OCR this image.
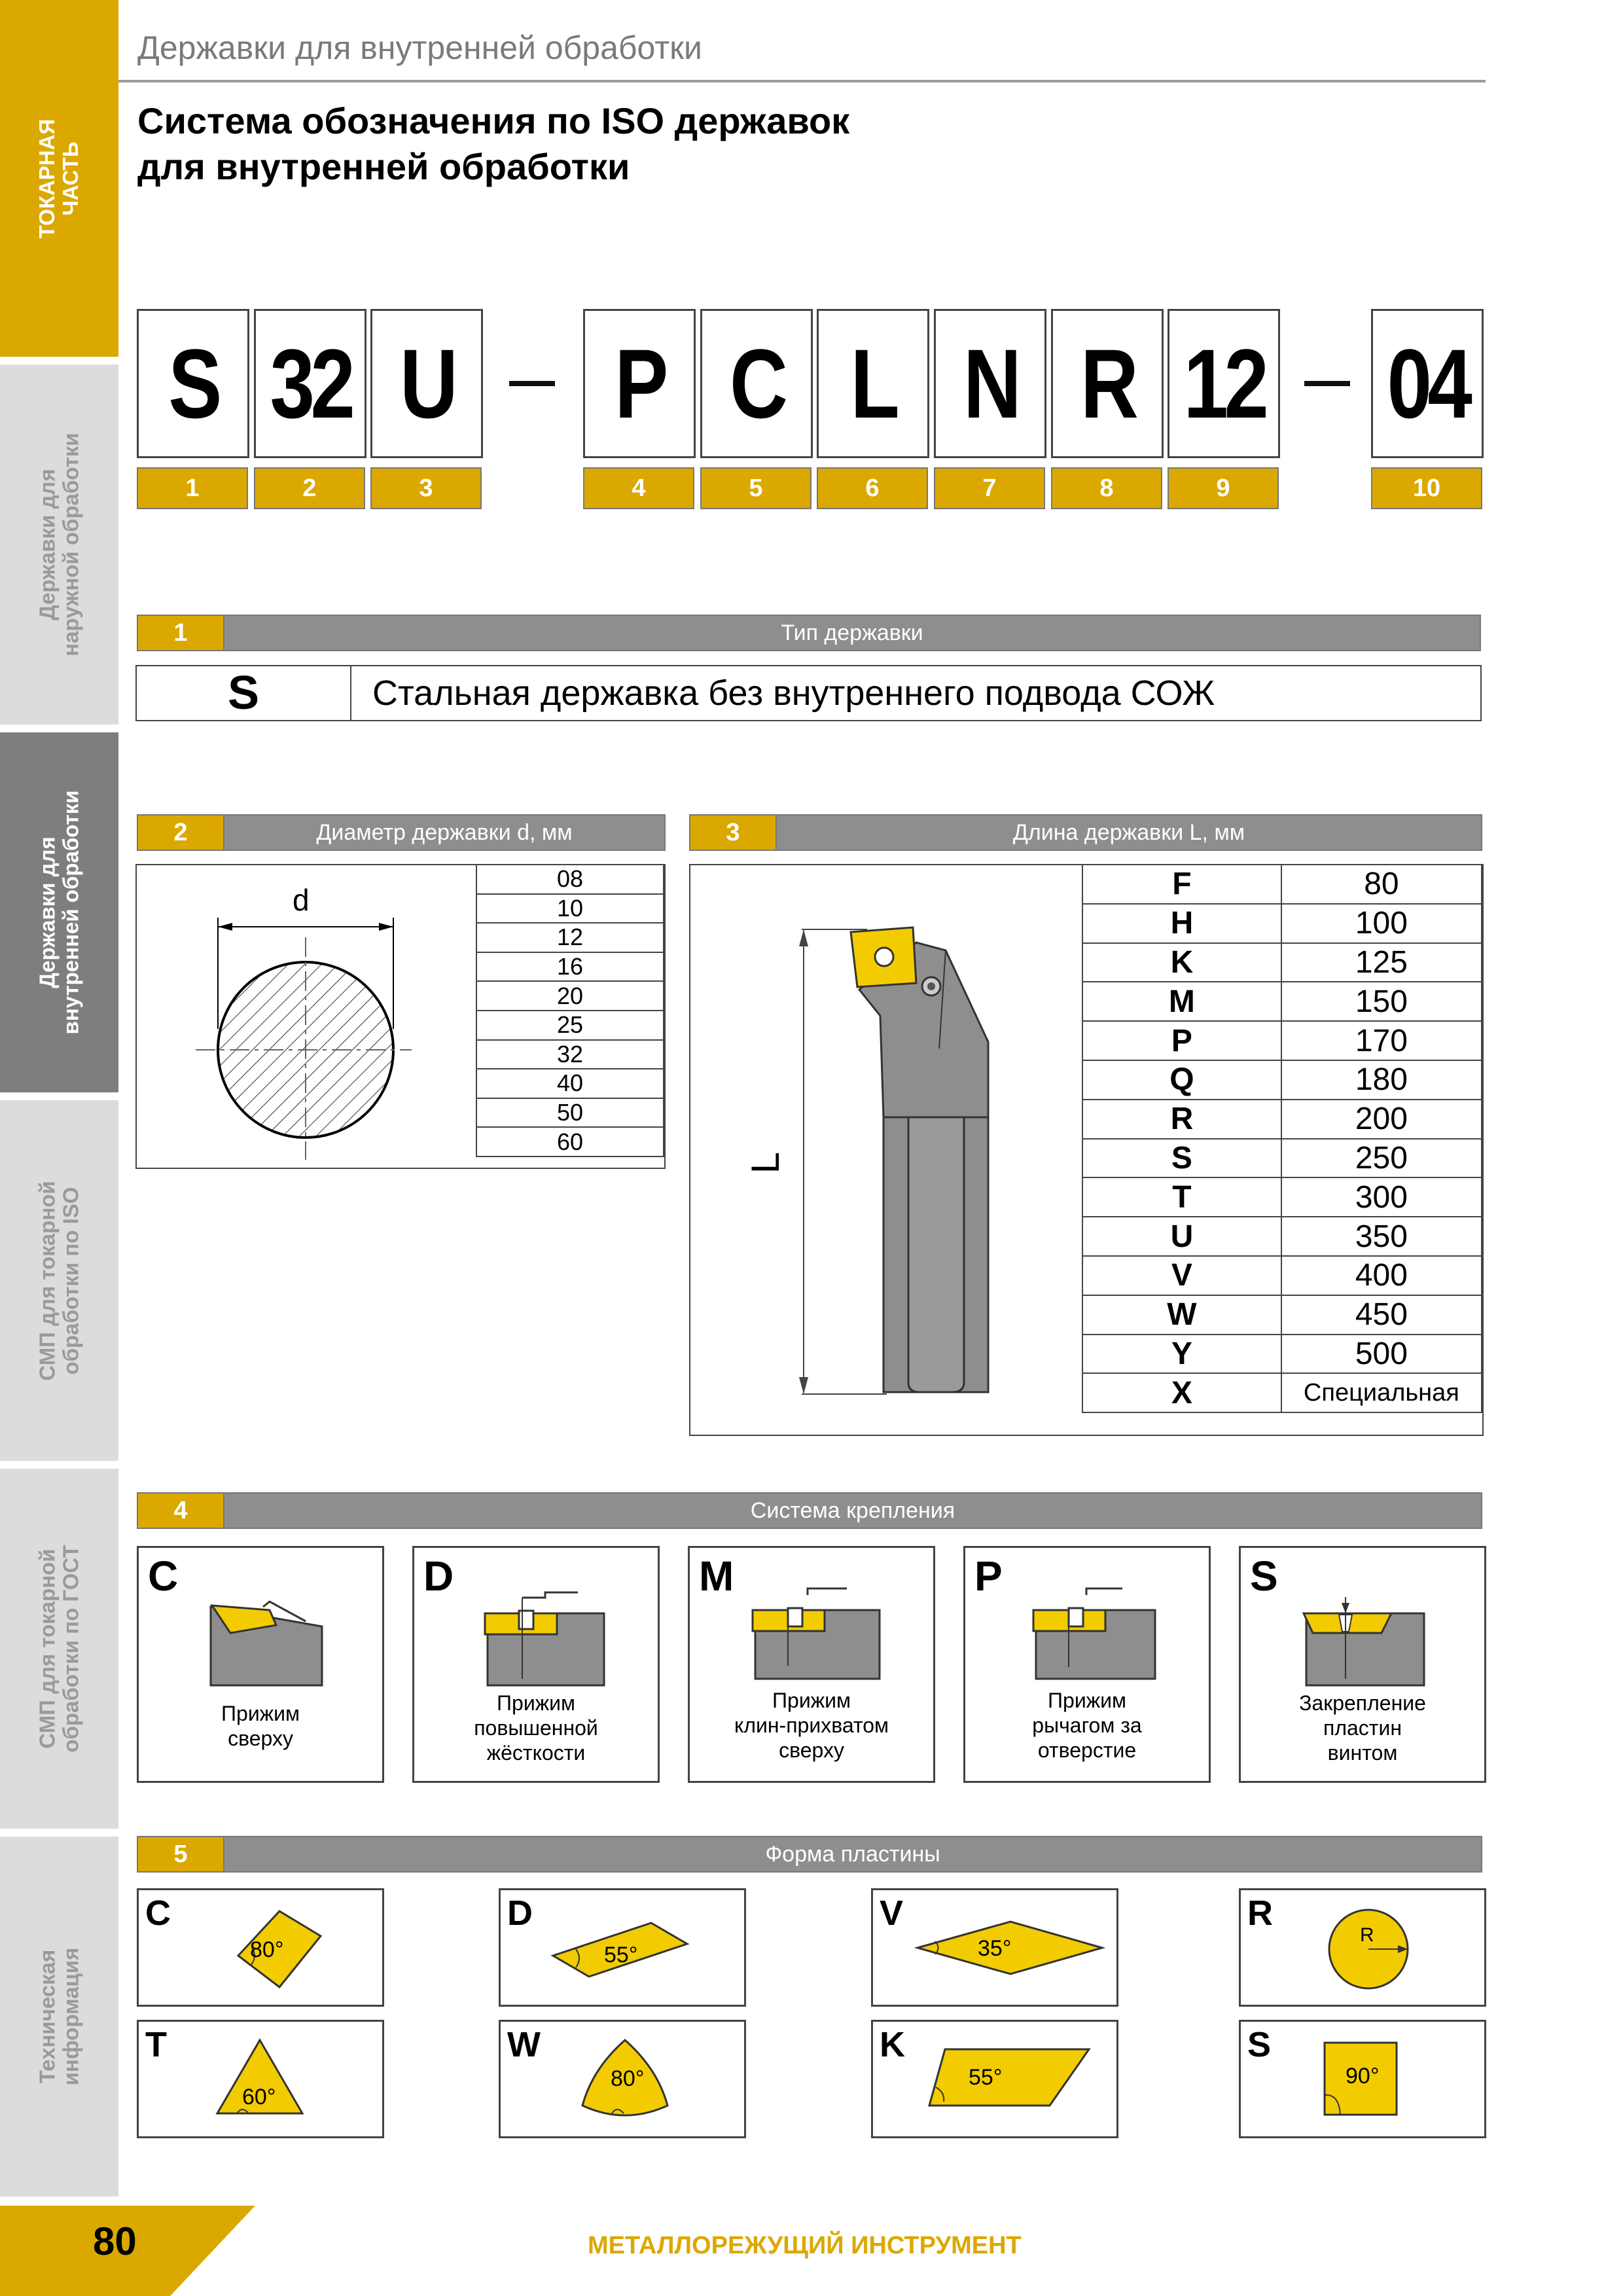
ТОКАРНАЯ
ЧАСТЬ
Державки для
наружной обработки
Державки для
внутренней обработки
СМП для токарной
обработки по ISO
СМП для токарной
обработки по ГОСТ
Техническая
информация
Державки для внутренней обработки
Система обозначения по ISO державок
для внутренней обработки
S 32 U P C L N R 12 04
1	2	3	4	5	6	7	8	9	10
1	Тип державки
S	Стальная державка без внутреннего подвода СОЖ
2	Диаметр державки d, мм
d
08
10
12
16
20
25
32
40
50
60
3	Длина державки L, мм
L
F	80
H	100
K	125
M	150
P	170
Q	180
R	200
S	250
T	300
U	350
V	400
W	450
Y	500
X	Специальная
4	Система крепления
C
Прижим
сверху
D
Прижим
повышенной
жёсткости
M
Прижим
клин-прихватом
сверху
P
Прижим
рычагом за
отверстие
S
Закрепление
пластин
винтом
5	Форма пластины
C
80°
D
55°
V
35°
R
R
T
60°
W
80°
K
55°
S
90°
80	МЕТАЛЛОРЕЖУЩИЙ ИНСТРУМЕНТ
